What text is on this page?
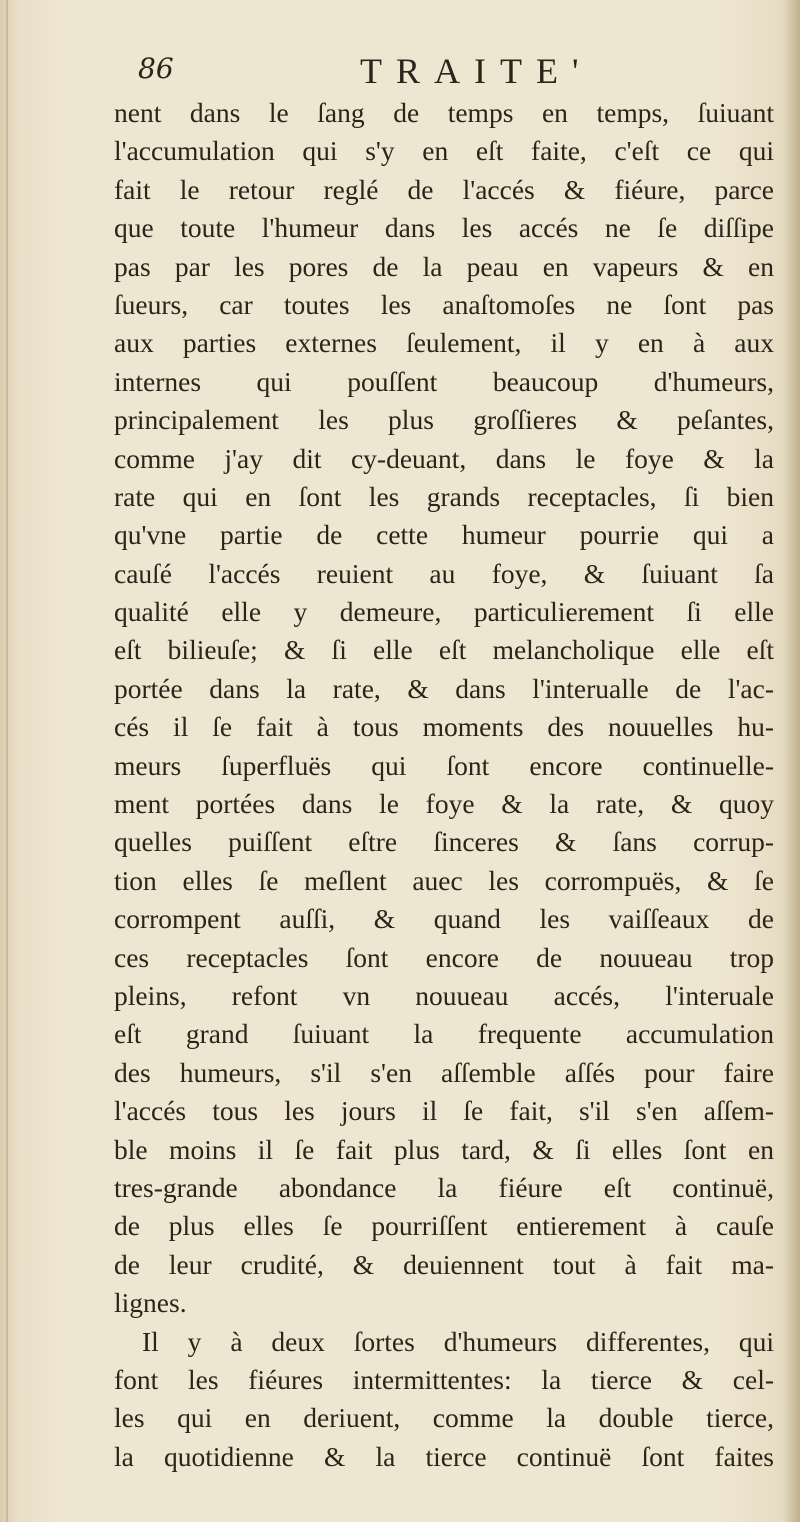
86	TRAITE'
nent dans le ſang de temps en temps, ſuiuant
l'accumulation qui s'y en eſt faite, c'eſt ce qui
fait le retour reglé de l'accés & fiéure, parce
que toute l'humeur dans les accés ne ſe diſſipe
pas par les pores de la peau en vapeurs & en
ſueurs, car toutes les anaſtomoſes ne ſont pas
aux parties externes ſeulement, il y en à aux
internes qui pouſſent beaucoup d'humeurs,
principalement les plus groſſieres & peſantes,
comme j'ay dit cy-deuant, dans le foye & la
rate qui en ſont les grands receptacles, ſi bien
qu'vne partie de cette humeur pourrie qui a
cauſé l'accés reuient au foye, & ſuiuant ſa
qualité elle y demeure, particulierement ſi elle
eſt bilieuſe; & ſi elle eſt melancholique elle eſt
portée dans la rate, & dans l'interualle de l'ac-
cés il ſe fait à tous moments des nouuelles hu-
meurs ſuperfluës qui ſont encore continuelle-
ment portées dans le foye & la rate, & quoy
quelles puiſſent eſtre ſinceres & ſans corrup-
tion elles ſe meſlent auec les corrompuës, & ſe
corrompent auſſi, & quand les vaiſſeaux de
ces receptacles ſont encore de nouueau trop
pleins, refont vn nouueau accés, l'interuale
eſt grand ſuiuant la frequente accumulation
des humeurs, s'il s'en aſſemble aſſés pour faire
l'accés tous les jours il ſe fait, s'il s'en aſſem-
ble moins il ſe fait plus tard, & ſi elles ſont en
tres-grande abondance la fiéure eſt continuë,
de plus elles ſe pourriſſent entierement à cauſe
de leur crudité, & deuiennent tout à fait ma-
lignes.
Il y à deux ſortes d'humeurs differentes, qui
font les fiéures intermittentes: la tierce & cel-
les qui en deriuent, comme la double tierce,
la quotidienne & la tierce continuë ſont faites
